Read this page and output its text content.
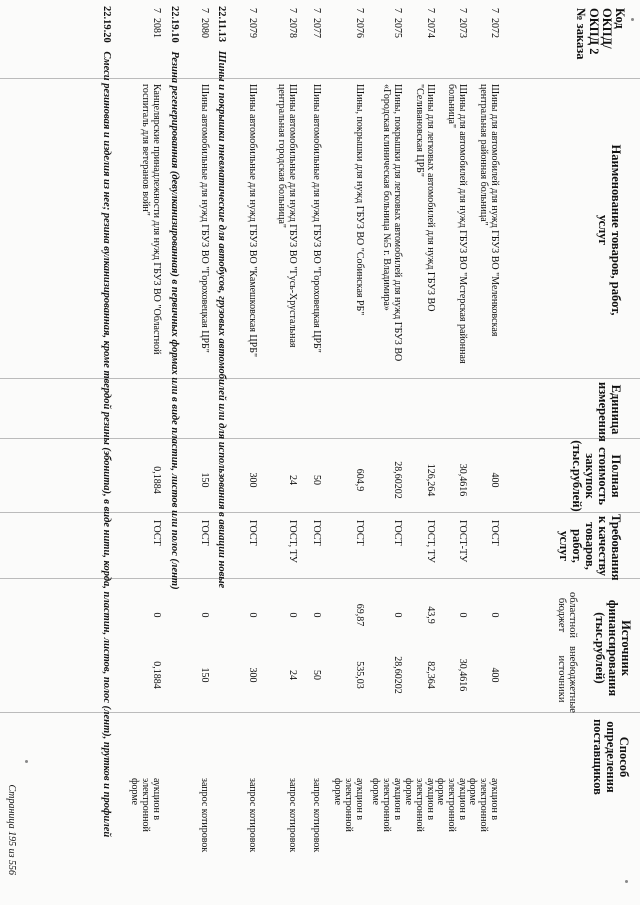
Код
ОКПД/
ОКПД 2
№ заказа
Наименование товаров, работ, услуг
Единица измерения
Полная стоимость закупок (тыс.рублей)
Требования к качеству товаров, работ, услуг
Источник финансирования (тыс.рублей)
областной бюджет
внебюджетные источники
Способ определения поставщиков
7  2072
Шины для автомобилей для нужд ГБУЗ ВО "Меленковская центральная районная больница"
400
ГОСТ
0
400
аукцион в электронной форме
7  2073
Шины для автомобилей для нужд ГБУЗ ВО "Мстерская районная больница"
30,4616
ГОСТ-ТУ
0
30,4616
аукцион в электронной форме
7  2074
Шины для легковых автомобилей для нужд ГБУЗ ВО "Селивановская ЦРБ"
126,264
ГОСТ, ТУ
43,9
82,364
аукцион в электронной форме
7  2075
Шины, покрышки для легковых автомобилей для нужд ГБУЗ ВО «Городская клиническая больница №5 г. Владимира»
28,60202
ГОСТ
0
28,60202
аукцион в электронной форме
7  2076
Шины, покрышки для нужд ГБУЗ ВО "Собинская РБ"
604,9
ГОСТ
69,87
535,03
аукцион в электронной форме
7  2077
Шины автомобильные для нужд ГБУЗ ВО "Гороховецкая ЦРБ"
50
ГОСТ
0
50
запрос котировок
7  2078
Шины автомобильные для нужд ГБУЗ ВО "Гусь-Хрустальная центральная городская больница"
24
ГОСТ, ТУ
0
24
запрос котировок
7  2079
Шины автомобильные для нужд ГБУЗ ВО "Камешковская ЦРБ"
300
ГОСТ
0
300
запрос котировок
22.11.13 Шины и покрышки пневматические для автобусов, грузовых автомобилей или для использования в авиации новые
7  2080
Шины автомобильные для нужд ГБУЗ ВО "Гороховецкая ЦРБ"
150
ГОСТ
0
150
запрос котировок
22.19.10 Резина регенерированная (девулканизированная) в первичных формах или в виде пластин, листов или полос (лент)
7  2081
Канцелярские принадлежности для нужд ГБУЗ ВО "Областной госпиталь для ветеранов войн"
0,1884
ГОСТ
0
0,1884
аукцион в электронной форме
22.19.20 Смеси резиновая и изделия из нее; резина вулканизированная, кроме твердой резины (эбонита), в виде нити, корда, пластин, листов, полос (лент), прутков и профилей
Страница 195 из 556
